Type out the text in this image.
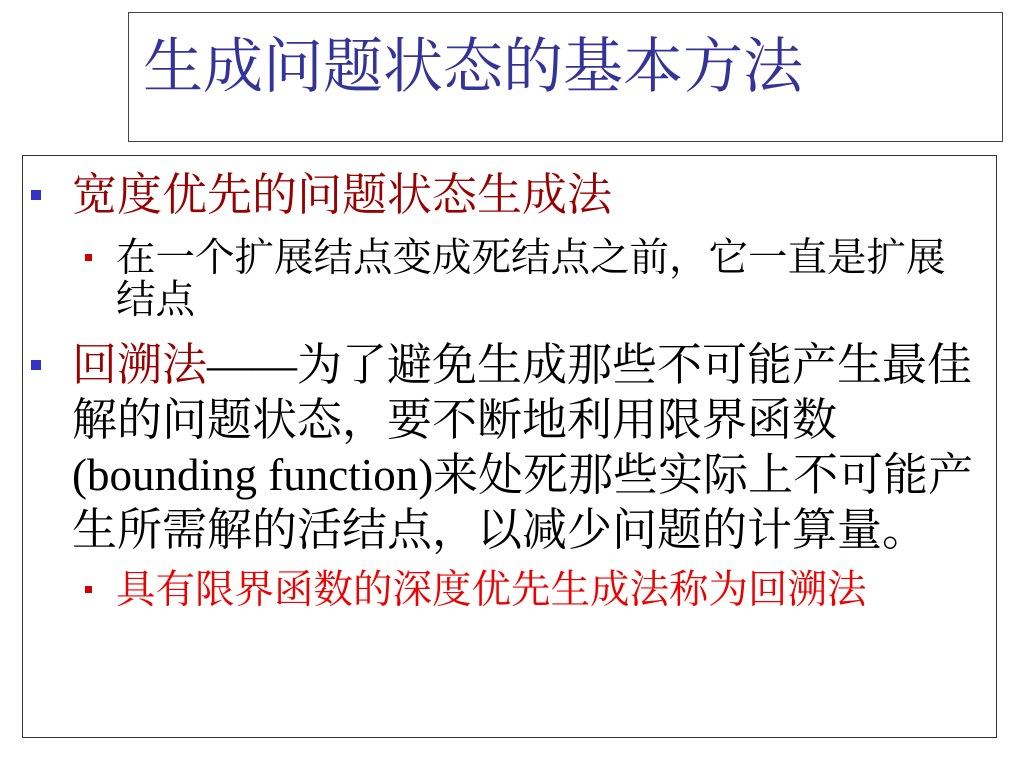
生成问题状态的基本方法
宽度优先的问题状态生成法
在一个扩展结点变成死结点之前，它一直是扩展结点
回溯法——为了避免生成那些不可能产生最佳解的问题状态，要不断地利用限界函数(bounding function)来处死那些实际上不可能产生所需解的活结点，以减少问题的计算量。
具有限界函数的深度优先生成法称为回溯法
